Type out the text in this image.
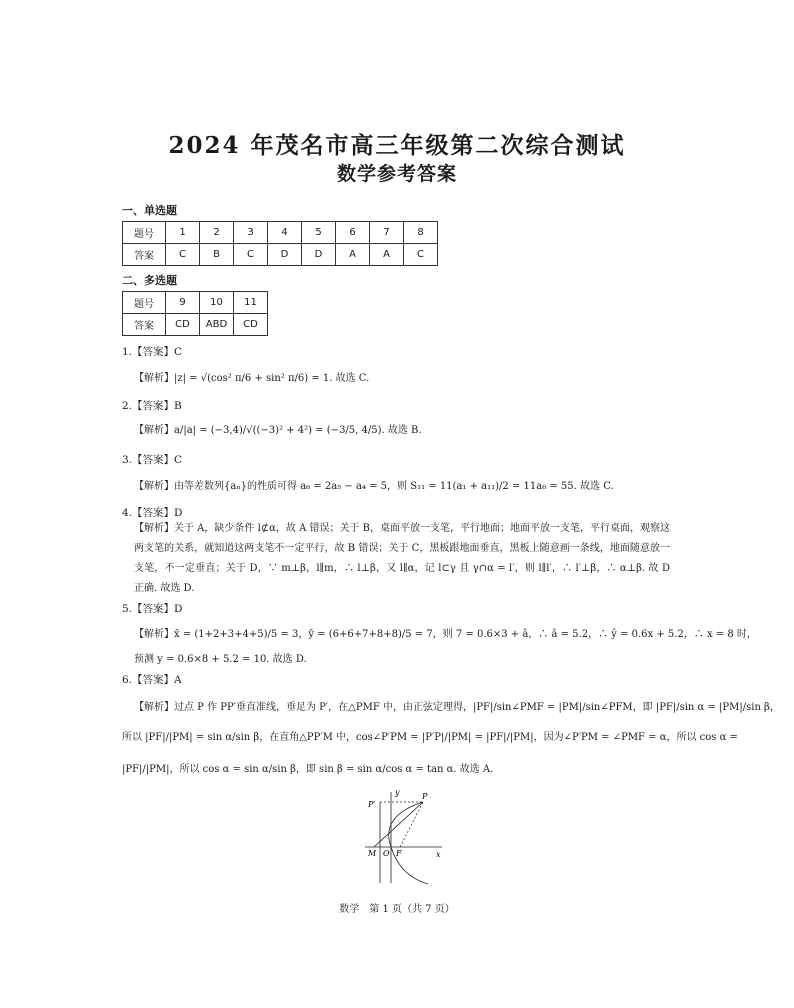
2024 年茂名市高三年级第二次综合测试
数学参考答案
一、单选题
题号	1	2	3	4	5	6	7	8
答案	C	B	C	D	D	A	A	C
二、多选题
题号	9	10	11
答案	CD	ABD	CD
1.【答案】C
【解析】|z| = √(cos² π/6 + sin² π/6) = 1. 故选 C.
2.【答案】B
【解析】a/|a| = (−3,4)/√((−3)² + 4²) = (−3/5, 4/5). 故选 B.
3.【答案】C
【解析】由等差数列{aₙ}的性质可得 a₆ = 2a₅ − a₄ = 5，则 S₁₁ = 11(a₁ + a₁₁)/2 = 11a₆ = 55. 故选 C.
4.【答案】D
【解析】关于 A，缺少条件 l⊄α，故 A 错误；关于 B，桌面平放一支笔，平行地面；地面平放一支笔，平行桌面，观察这两支笔的关系，就知道这两支笔不一定平行，故 B 错误；关于 C，黑板跟地面垂直，黑板上随意画一条线，地面随意放一支笔，不一定垂直；关于 D，∵ m⊥β，l∥m，∴ l⊥β，又 l∥α，记 l⊂γ 且 γ∩α = l′，则 l∥l′，∴ l′⊥β，∴ α⊥β. 故 D 正确. 故选 D.
5.【答案】D
【解析】x̄ = (1+2+3+4+5)/5 = 3，ȳ = (6+6+7+8+8)/5 = 7，则 7 = 0.6×3 + â，∴ â = 5.2，∴ ŷ = 0.6x + 5.2，∴ x = 8 时，
预测 y = 0.6×8 + 5.2 = 10. 故选 D.
6.【答案】A
【解析】过点 P 作 PP′垂直准线，垂足为 P′，在△PMF 中，由正弦定理得，|PF|/sin∠PMF = |PM|/sin∠PFM，即 |PF|/sin α = |PM|/sin β，
所以 |PF|/|PM| = sin α/sin β，在直角△PP′M 中，cos∠P′PM = |P′P|/|PM| = |PF|/|PM|，因为∠P′PM = ∠PMF = α，所以 cos α =
|PF|/|PM|，所以 cos α = sin α/sin β，即 sin β = sin α/cos α = tan α. 故选 A.
y
x
P
P′
M O F
数学　第 1 页（共 7 页）
